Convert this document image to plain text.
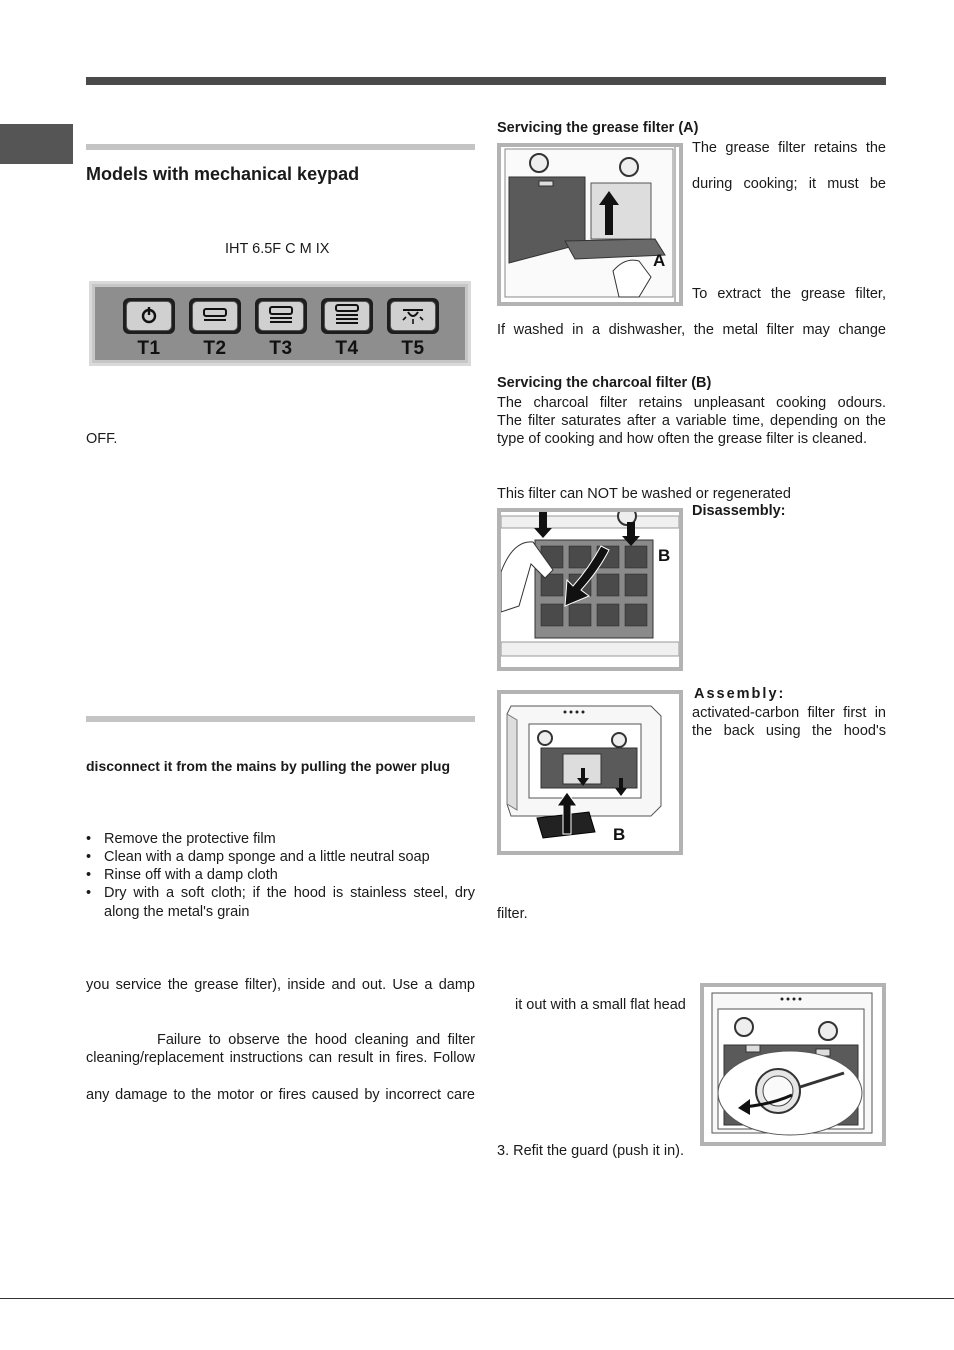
Models with mechanical keypad
IHT 6.5F C M IX
T1	T2	T3	T4	T5
OFF.
disconnect it from the mains by pulling the power plug
• Remove the protective film
• Clean with a damp sponge and a little neutral soap
• Rinse off with a damp cloth
• Dry with a soft cloth; if the hood is stainless steel, dry
along the metal's grain
you service the grease filter), inside and out. Use a damp
Failure to observe the hood cleaning and filter
cleaning/replacement instructions can result in fires. Follow
any damage to the motor or fires caused by incorrect care
Servicing the grease filter (A)
A
The grease filter retains the
during cooking; it must be
To extract the grease filter,
If washed in a dishwasher, the metal filter may change
Servicing the charcoal filter (B)
The charcoal filter retains unpleasant cooking odours.
The filter saturates after a variable time, depending on the
type of cooking and how often the grease filter is cleaned.
This filter can NOT be washed or regenerated
B
Disassembly:
B
Assembly:
activated-carbon filter first in
the back using the hood's
filter.
it out with a small flat head
3. Refit the guard (push it in).
